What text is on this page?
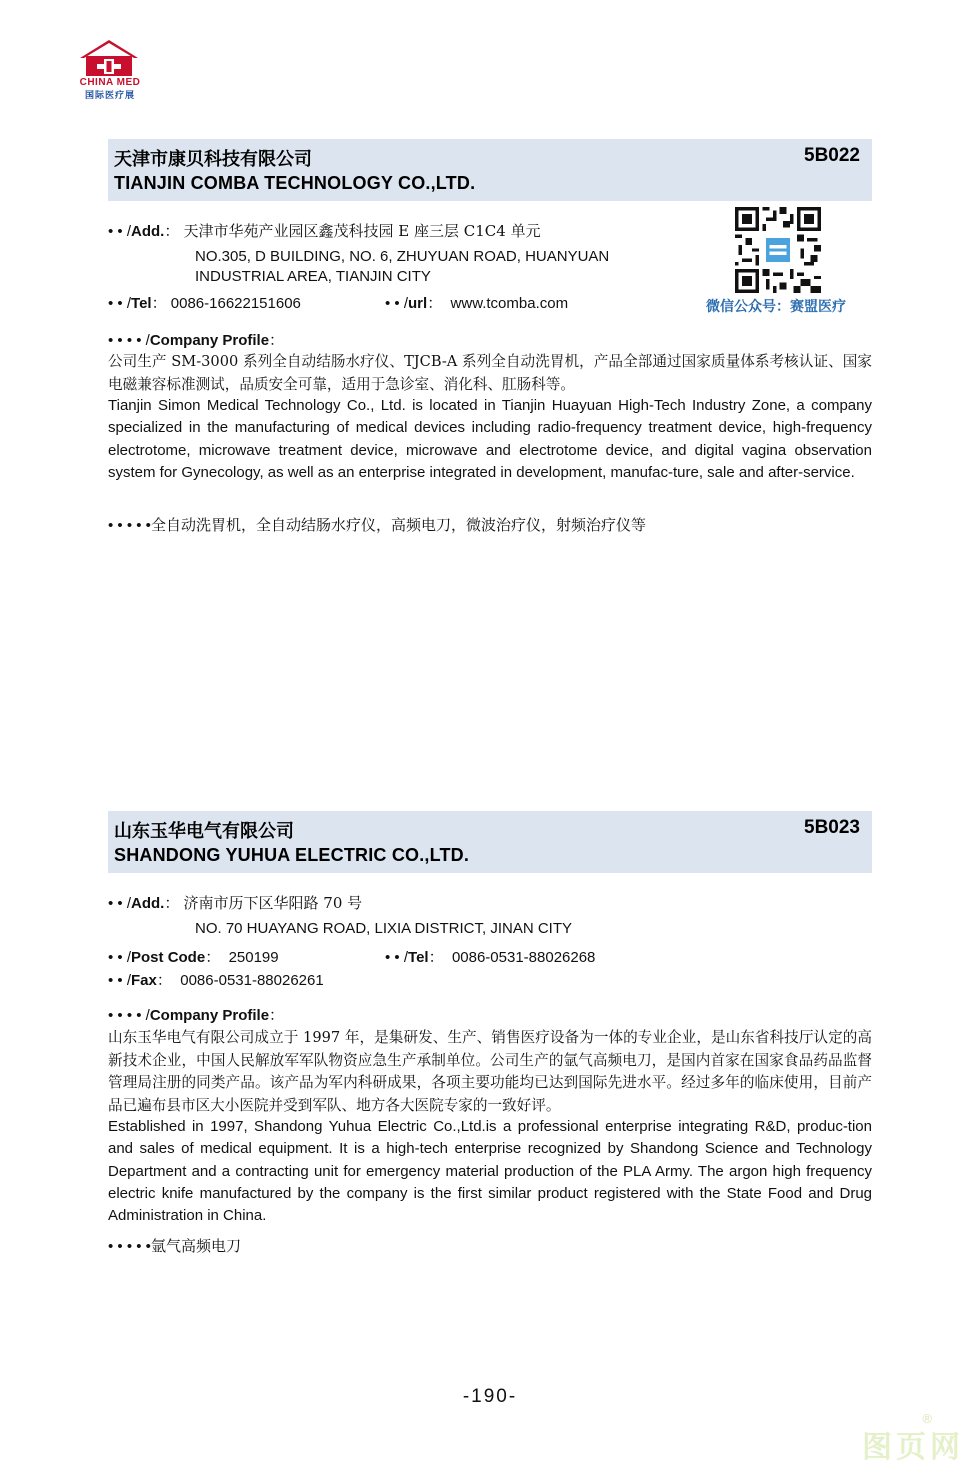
CHINA MED
国际医疗展
天津市康贝科技有限公司
TIANJIN COMBA TECHNOLOGY CO.,LTD.
5B022
• • /Add.： 天津市华苑产业园区鑫茂科技园 E 座三层 C1C4 单元
NO.305, D BUILDING, NO. 6, ZHUYUAN ROAD, HUANYUAN
INDUSTRIAL AREA, TIANJIN CITY
• • /Tel： 0086-16622151606	• • /url： www.tcomba.com	微信公众号：赛盟医疗
• • • • /Company Profile：
公司生产 SM-3000 系列全自动结肠水疗仪、TJCB-A 系列全自动洗胃机，产品全部通过国家质量体系考核认证、国家电磁兼容标准测试，品质安全可靠，适用于急诊室、消化科、肛肠科等。
Tianjin Simon Medical Technology Co., Ltd. is located in Tianjin Huayuan High-Tech Industry Zone, a company specialized in the manufacturing of medical devices including radio-frequency treatment device, high-frequency electrotome, microwave treatment device, microwave and electrotome device, and digital vagina observation system for Gynecology, as well as an enterprise integrated in development, manufac-ture, sale and after-service.
• • • • •全自动洗胃机，全自动结肠水疗仪，高频电刀，微波治疗仪，射频治疗仪等
山东玉华电气有限公司
SHANDONG YUHUA ELECTRIC CO.,LTD.
5B023
• • /Add.： 济南市历下区华阳路 70 号
NO. 70 HUAYANG ROAD, LIXIA DISTRICT, JINAN CITY
• • /Post Code： 250199	• • /Tel： 0086-0531-88026268
• • /Fax： 0086-0531-88026261
• • • • /Company Profile：
山东玉华电气有限公司成立于 1997 年，是集研发、生产、销售医疗设备为一体的专业企业，是山东省科技厅认定的高新技术企业，中国人民解放军军队物资应急生产承制单位。公司生产的氩气高频电刀，是国内首家在国家食品药品监督管理局注册的同类产品。该产品为军内科研成果，各项主要功能均已达到国际先进水平。经过多年的临床使用，目前产品已遍布县市区大小医院并受到军队、地方各大医院专家的一致好评。
Established in 1997, Shandong Yuhua Electric Co.,Ltd.is a professional enterprise integrating R&D, produc-tion and sales of medical equipment. It is a high-tech enterprise recognized by Shandong Science and Technology Department and a contracting unit for emergency material production of the PLA Army. The argon high frequency electric knife manufactured by the company is the first similar product registered with the State Food and Drug Administration in China.
• • • • •氩气高频电刀
-190-
®
图页网
